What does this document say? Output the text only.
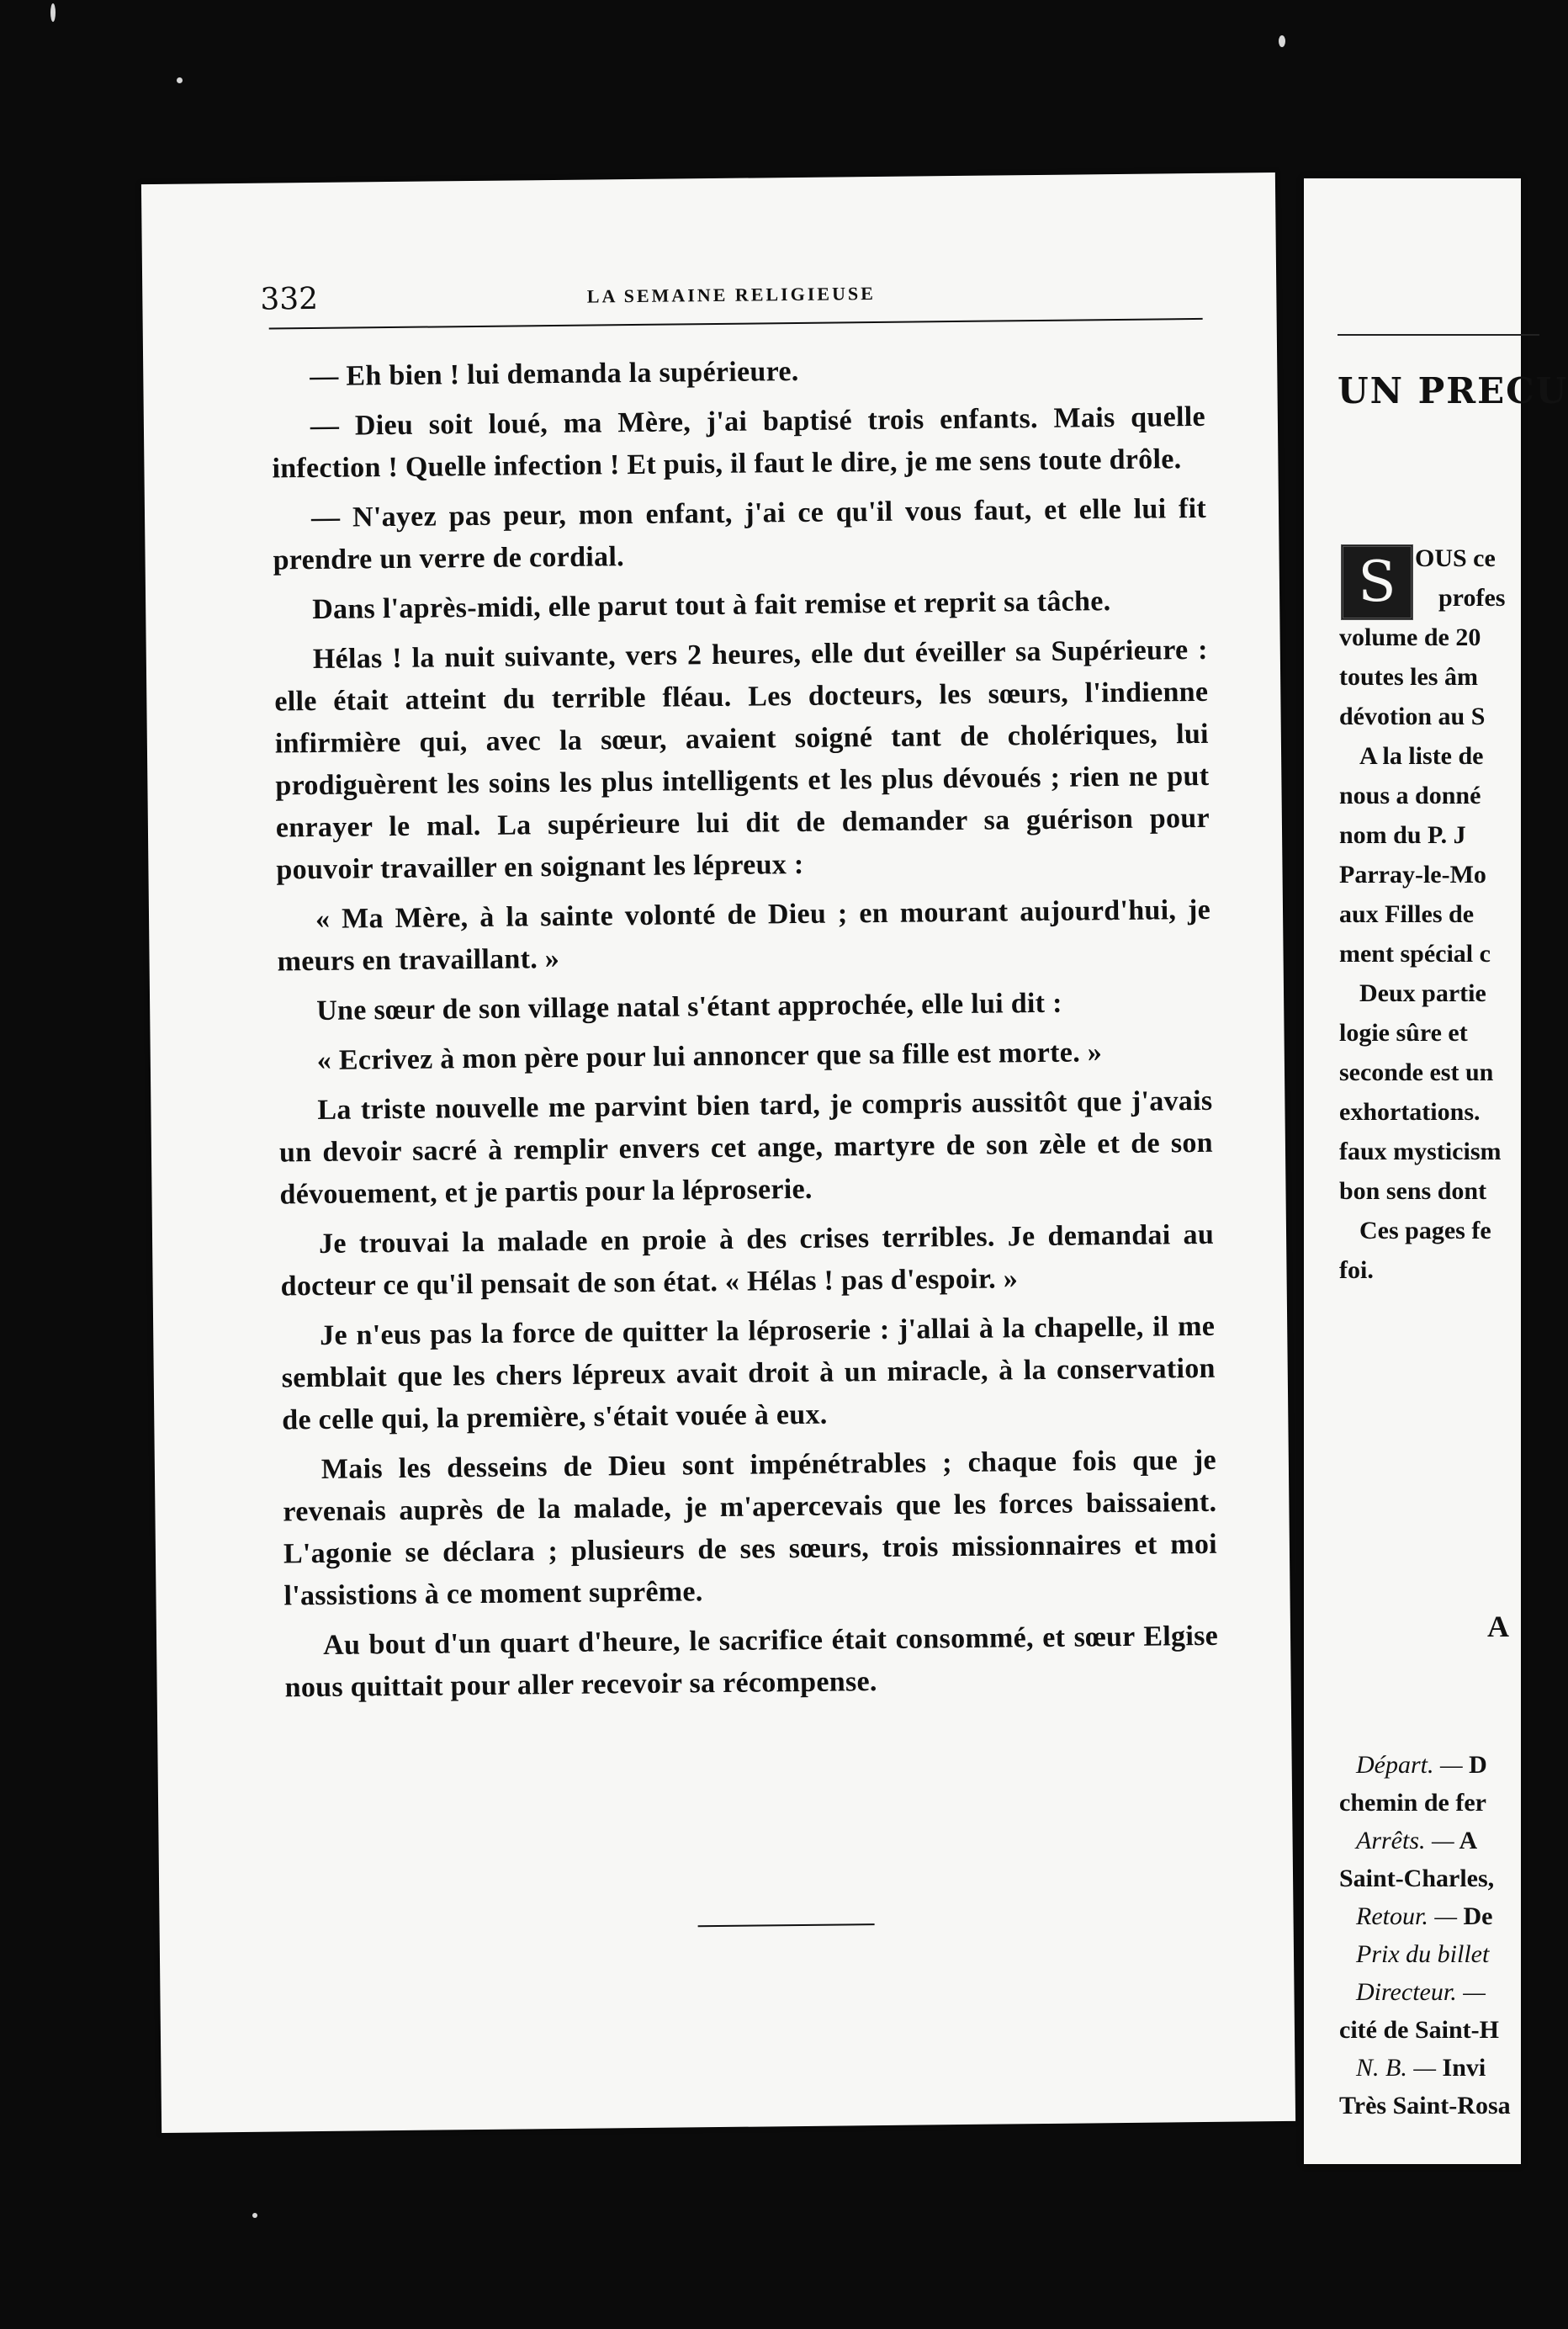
332	LA SEMAINE RELIGIEUSE

— Eh bien ! lui demanda la supérieure.

— Dieu soit loué, ma Mère, j'ai baptisé trois enfants. Mais quelle infection ! Quelle infection ! Et puis, il faut le dire, je me sens toute drôle.

— N'ayez pas peur, mon enfant, j'ai ce qu'il vous faut, et elle lui fit prendre un verre de cordial.

Dans l'après-midi, elle parut tout à fait remise et reprit sa tâche.

Hélas ! la nuit suivante, vers 2 heures, elle dut éveiller sa Supérieure : elle était atteint du terrible fléau. Les docteurs, les sœurs, l'indienne infirmière qui, avec la sœur, avaient soigné tant de cholériques, lui prodiguèrent les soins les plus intelligents et les plus dévoués ; rien ne put enrayer le mal. La supérieure lui dit de demander sa guérison pour pouvoir travailler en soignant les lépreux :

« Ma Mère, à la sainte volonté de Dieu ; en mourant aujourd'hui, je meurs en travaillant. »

Une sœur de son village natal s'étant approchée, elle lui dit :

« Ecrivez à mon père pour lui annoncer que sa fille est morte. »

La triste nouvelle me parvint bien tard, je compris aussitôt que j'avais un devoir sacré à remplir envers cet ange, martyre de son zèle et de son dévouement, et je partis pour la léproserie.

Je trouvai la malade en proie à des crises terribles. Je demandai au docteur ce qu'il pensait de son état. « Hélas ! pas d'espoir. »

Je n'eus pas la force de quitter la léproserie : j'allai à la chapelle, il me semblait que les chers lépreux avait droit à un miracle, à la conservation de celle qui, la première, s'était vouée à eux.

Mais les desseins de Dieu sont impénétrables ; chaque fois que je revenais auprès de la malade, je m'apercevais que les forces baissaient. L'agonie se déclara ; plusieurs de ses sœurs, trois missionnaires et moi l'assistions à ce moment suprême.

Au bout d'un quart d'heure, le sacrifice était consommé, et sœur Elgise nous quittait pour aller recevoir sa récompense.

UN PRECU
S OUS ce
profes
volume de 20
toutes les âm
dévotion au S
A la liste de
nous a donné
nom du P. J
Parray-le-Mo
aux Filles de
ment spécial c
Deux partie
logie sûre et
seconde est un
exhortations.
faux mysticism
bon sens dont
Ces pages fe
foi.
A
Départ. — D
chemin de fer
Arrêts. — A
Saint-Charles,
Retour. — De
Prix du billet
Directeur. —
cité de Saint-H
N. B. — Invi
Très Saint-Rosa
